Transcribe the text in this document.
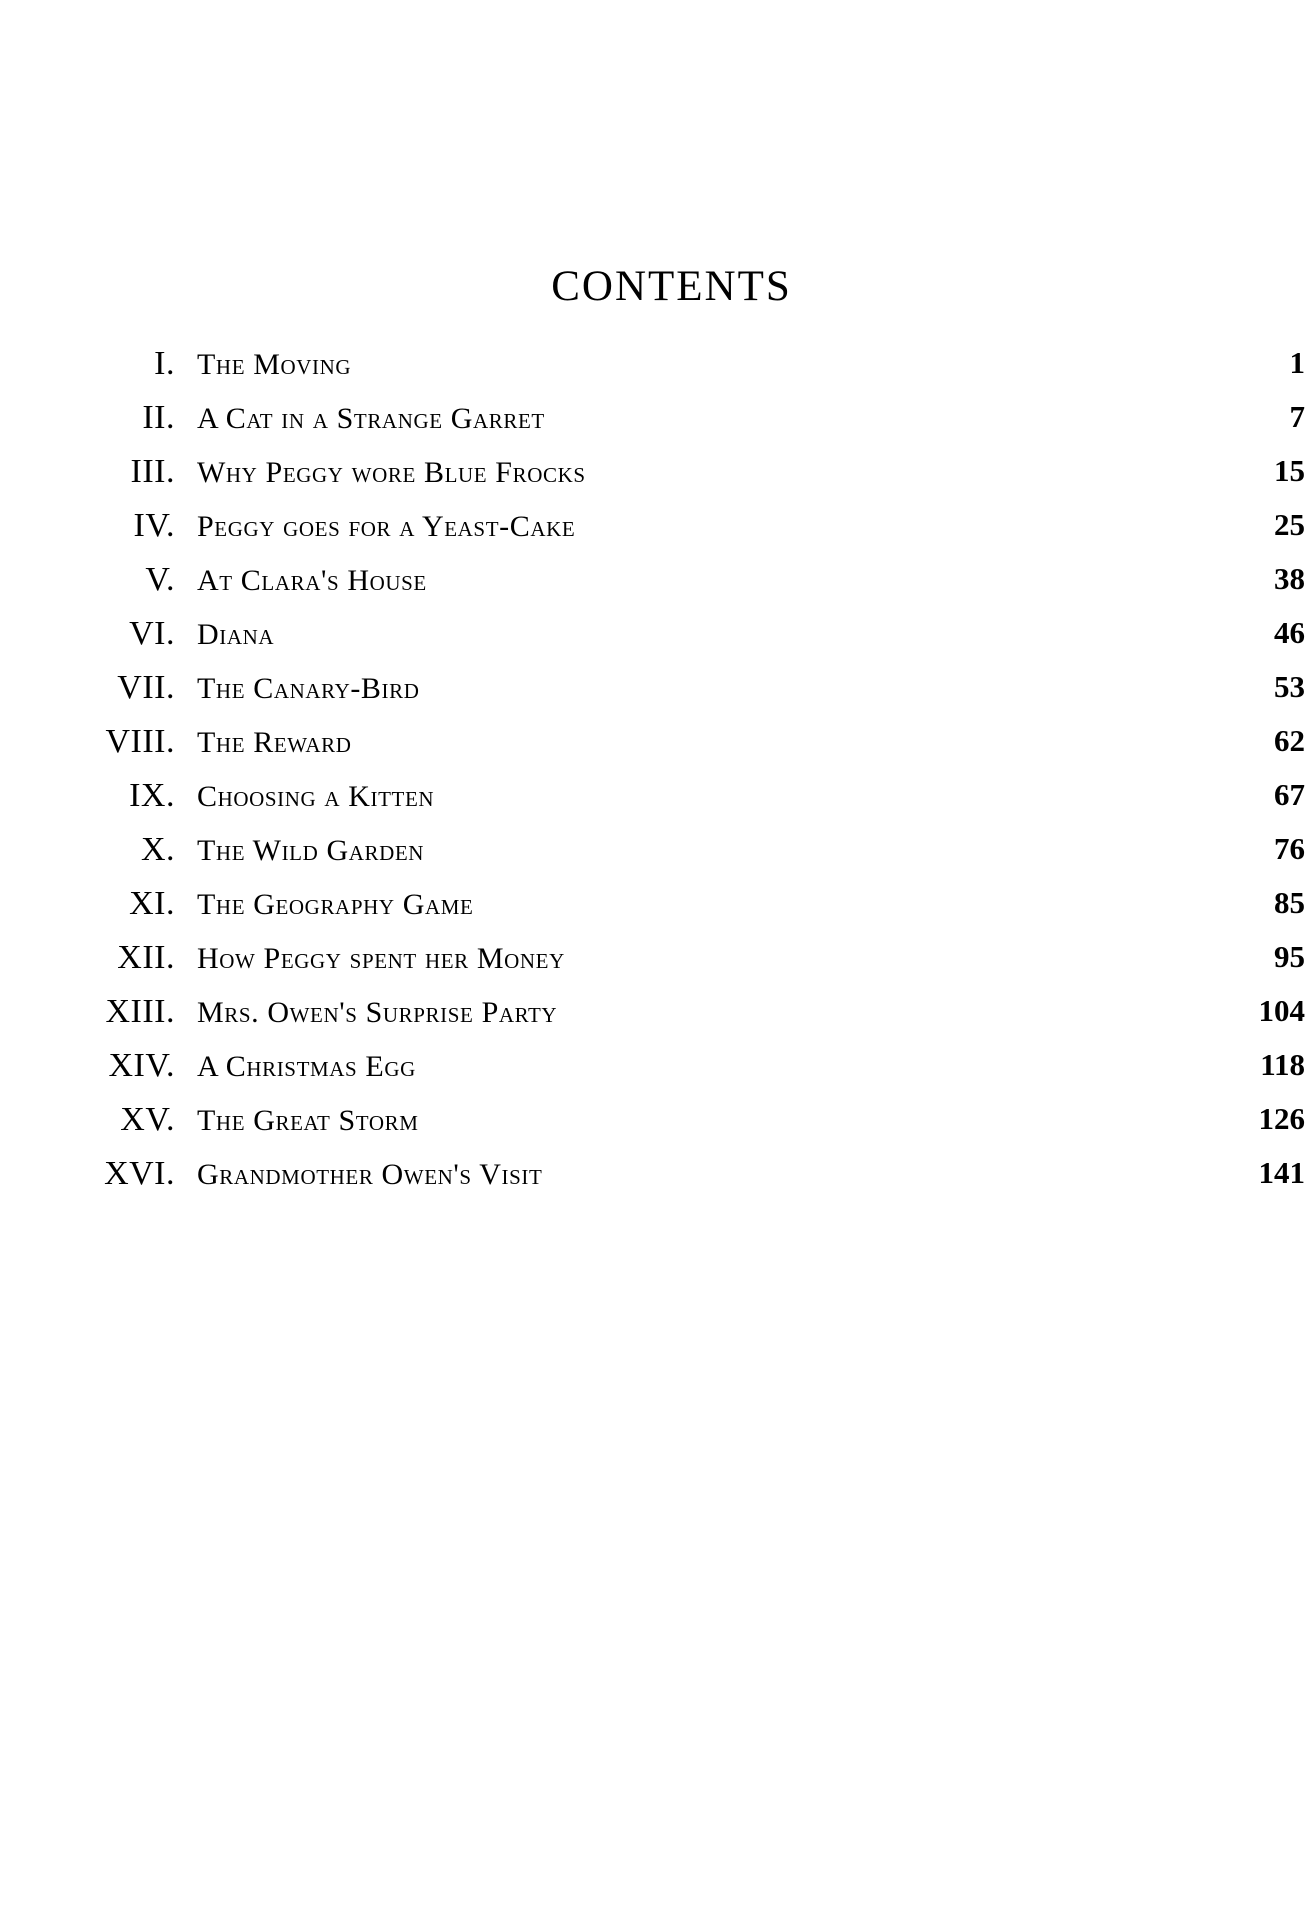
CONTENTS
I .	The Moving	1
II .	A Cat in a Strange Garret	7
III .	Why Peggy wore Blue Frocks	15
IV .	Peggy goes for a Yeast-Cake	25
V .	At Clara's House	38
VI .	Diana	46
VII .	The Canary-Bird	53
VIII .	The Reward	62
IX .	Choosing a Kitten	67
X .	The Wild Garden	76
XI .	The Geography Game	85
XII .	How Peggy spent her Money	95
XIII .	Mrs. Owen's Surprise Party	104
XIV .	A Christmas Egg	118
XV .	The Great Storm	126
XVI .	Grandmother Owen's Visit	141
